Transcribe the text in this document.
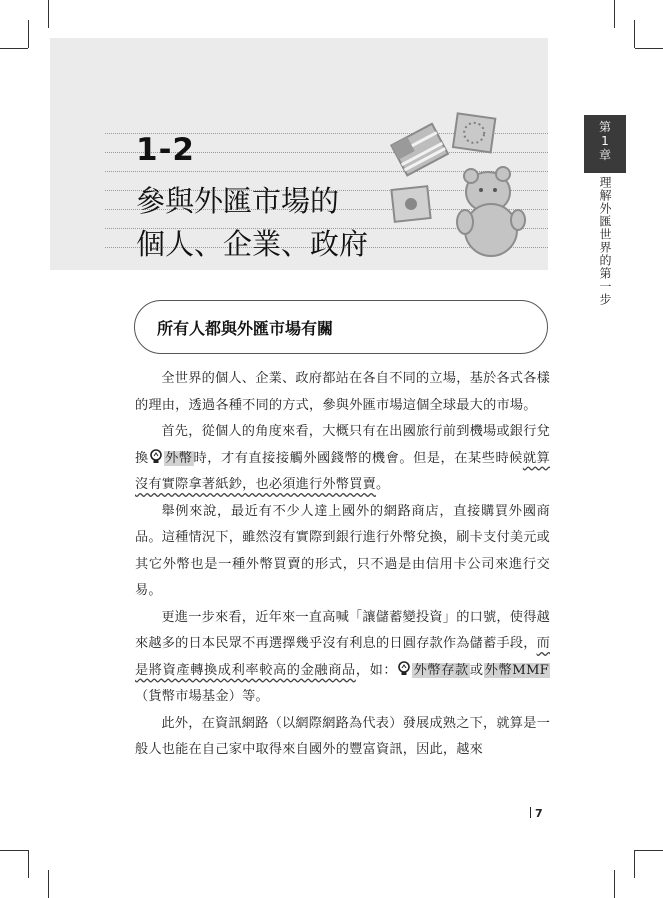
1-2
參與外匯市場的
個人、企業、政府
第
1
章
理解外匯世界的第一步
所有人都與外匯市場有關

全世界的個人、企業、政府都站在各自不同的立場，基於各式各樣的理由，透過各種不同的方式，參與外匯市場這個全球最大的市場。

首先，從個人的角度來看，大概只有在出國旅行前到機場或銀行兌換 外幣時，才有直接接觸外國錢幣的機會。但是，在某些時候就算沒有實際拿著紙鈔，也必須進行外幣買賣。

舉例來說，最近有不少人達上國外的網路商店，直接購買外國商品。這種情況下，雖然沒有實際到銀行進行外幣兌換，刷卡支付美元或其它外幣也是一種外幣買賣的形式，只不過是由信用卡公司來進行交易。

更進一步來看，近年來一直高喊「讓儲蓄變投資」的口號，使得越來越多的日本民眾不再選擇幾乎沒有利息的日圓存款作為儲蓄手段，而是將資產轉換成利率較高的金融商品，如： 外幣存款或外幣MMF（貨幣市場基金）等。

此外，在資訊網路（以網際網路為代表）發展成熟之下，就算是一般人也能在自己家中取得來自國外的豐富資訊，因此，越來

7
